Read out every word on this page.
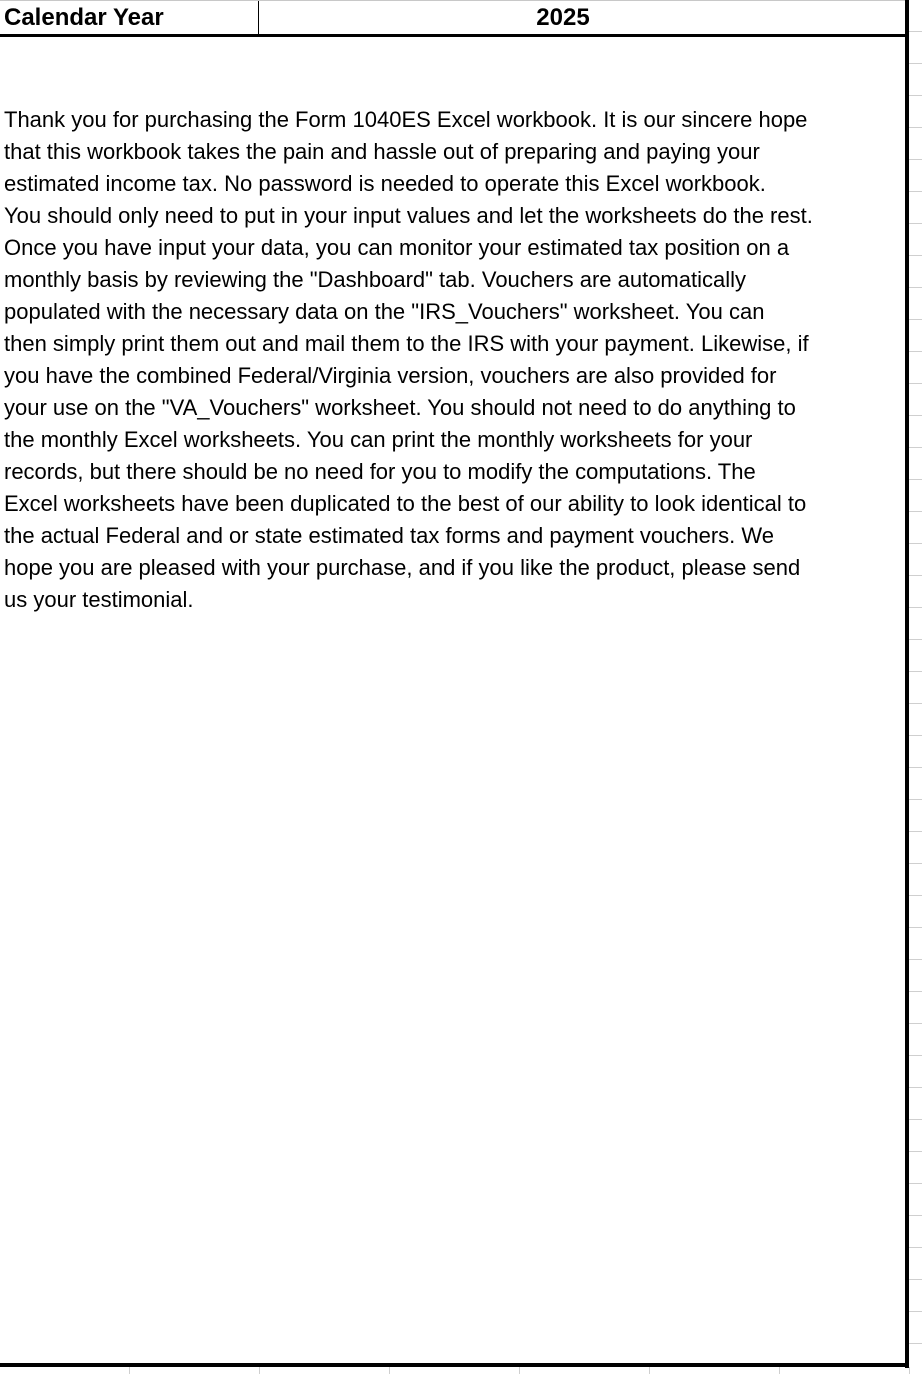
Calendar Year	2025
Thank you for purchasing the Form 1040ES Excel workbook. It is our sincere hope
that this workbook takes the pain and hassle out of preparing and paying your
estimated income tax. No password is needed to operate this Excel workbook.
You should only need to put in your input values and let the worksheets do the rest.
Once you have input your data, you can monitor your estimated tax position on a
monthly basis by reviewing the "Dashboard" tab. Vouchers are automatically
populated with the necessary data on the "IRS_Vouchers" worksheet. You can
then simply print them out and mail them to the IRS with your payment. Likewise, if
you have the combined Federal/Virginia version, vouchers are also provided for
your use on the "VA_Vouchers" worksheet. You should not need to do anything to
the monthly Excel worksheets. You can print the monthly worksheets for your
records, but there should be no need for you to modify the computations. The
Excel worksheets have been duplicated to the best of our ability to look identical to
the actual Federal and or state estimated tax forms and payment vouchers. We
hope you are pleased with your purchase, and if you like the product, please send
us your testimonial.
